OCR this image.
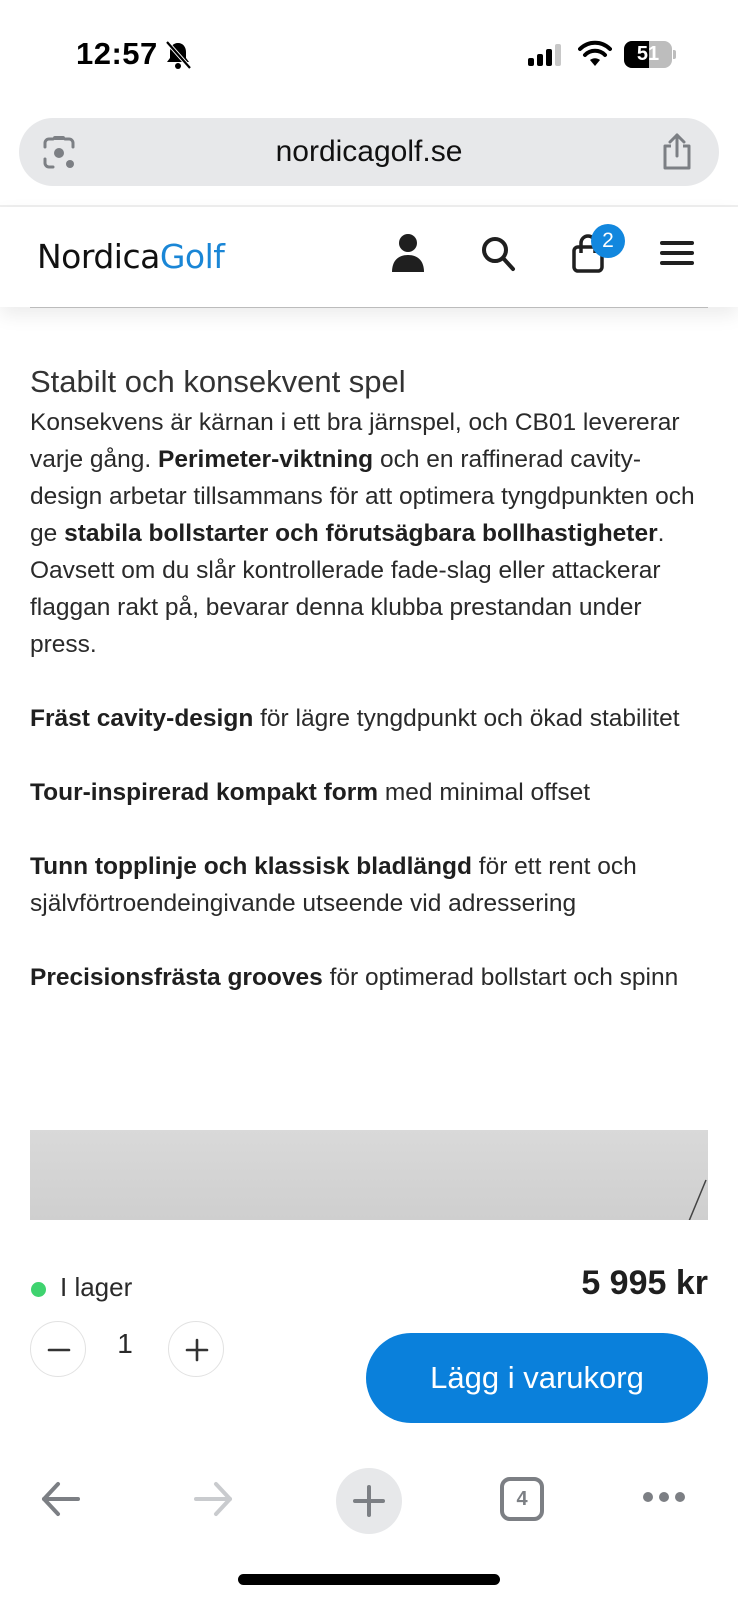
12:57	51
nordicagolf.se
NordicaGolf	2
Stabilt och konsekvent spel

Konsekvens är kärnan i ett bra järnspel, och CB01 levererar varje gång. Perimeter-viktning och en raffinerad cavity-design arbetar tillsammans för att optimera tyngdpunkten och ge stabila bollstarter och förutsägbara bollhastigheter. Oavsett om du slår kontrollerade fade-slag eller attackerar flaggan rakt på, bevarar denna klubba prestandan under press.

Fräst cavity-design för lägre tyngdpunkt och ökad stabilitet

Tour-inspirerad kompakt form med minimal offset

Tunn topplinje och klassisk bladlängd för ett rent och självförtroendeingivande utseende vid adressering

Precisionsfrästa grooves för optimerad bollstart och spinn

I lager	5 995 kr
1
Lägg i varukorg
4
